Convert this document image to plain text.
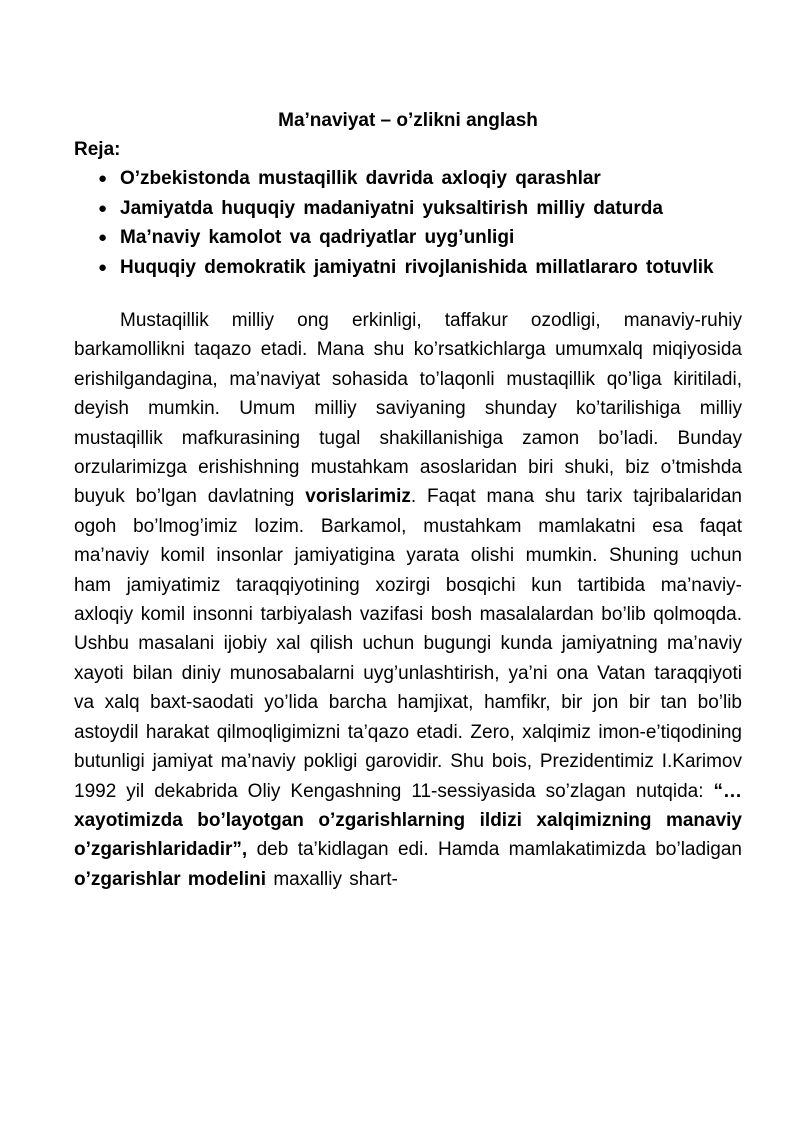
Ma’naviyat – o’zlikni anglash

Reja:

● O’zbekistonda mustaqillik davrida axloqiy qarashlar
● Jamiyatda huquqiy madaniyatni yuksaltirish milliy daturda
● Ma’naviy kamolot va qadriyatlar uyg’unligi
● Huquqiy demokratik jamiyatni rivojlanishida millatlararo totuvlik

Mustaqillik milliy ong erkinligi, taffakur ozodligi, manaviy-ruhiy barkamollikni taqazo etadi. Mana shu ko’rsatkichlarga umumxalq miqiyosida erishilgandagina, ma’naviyat sohasida to’laqonli mustaqillik qo’liga kiritiladi, deyish mumkin. Umum milliy saviyaning shunday ko’tarilishiga milliy mustaqillik mafkurasining tugal shakillanishiga zamon bo’ladi. Bunday orzularimizga erishishning mustahkam asoslaridan biri shuki, biz o’tmishda buyuk bo’lgan davlatning vorislarimiz. Faqat mana shu tarix tajribalaridan ogoh bo’lmog’imiz lozim. Barkamol, mustahkam mamlakatni esa faqat ma’naviy komil insonlar jamiyatigina yarata olishi mumkin. Shuning uchun ham jamiyatimiz taraqqiyotining xozirgi bosqichi kun tartibida ma’naviy-axloqiy komil insonni tarbiyalash vazifasi bosh masalalardan bo’lib qolmoqda. Ushbu masalani ijobiy xal qilish uchun bugungi kunda jamiyatning ma’naviy xayoti bilan diniy munosabalarni uyg’unlashtirish, ya’ni ona Vatan taraqqiyoti va xalq baxt-saodati yo’lida barcha hamjixat, hamfikr, bir jon bir tan bo’lib astoydil harakat qilmoqligimizni ta’qazo etadi. Zero, xalqimiz imon-e’tiqodining butunligi jamiyat ma’naviy pokligi garovidir. Shu bois, Prezidentimiz I.Karimov 1992 yil dekabrida Oliy Kengashning 11-sessiyasida so’zlagan nutqida: “… xayotimizda bo’layotgan o’zgarishlarning ildizi xalqimizning manaviy o’zgarishlaridadir”, deb ta’kidlagan edi. Hamda mamlakatimizda bo’ladigan o’zgarishlar modelini maxalliy shart-
